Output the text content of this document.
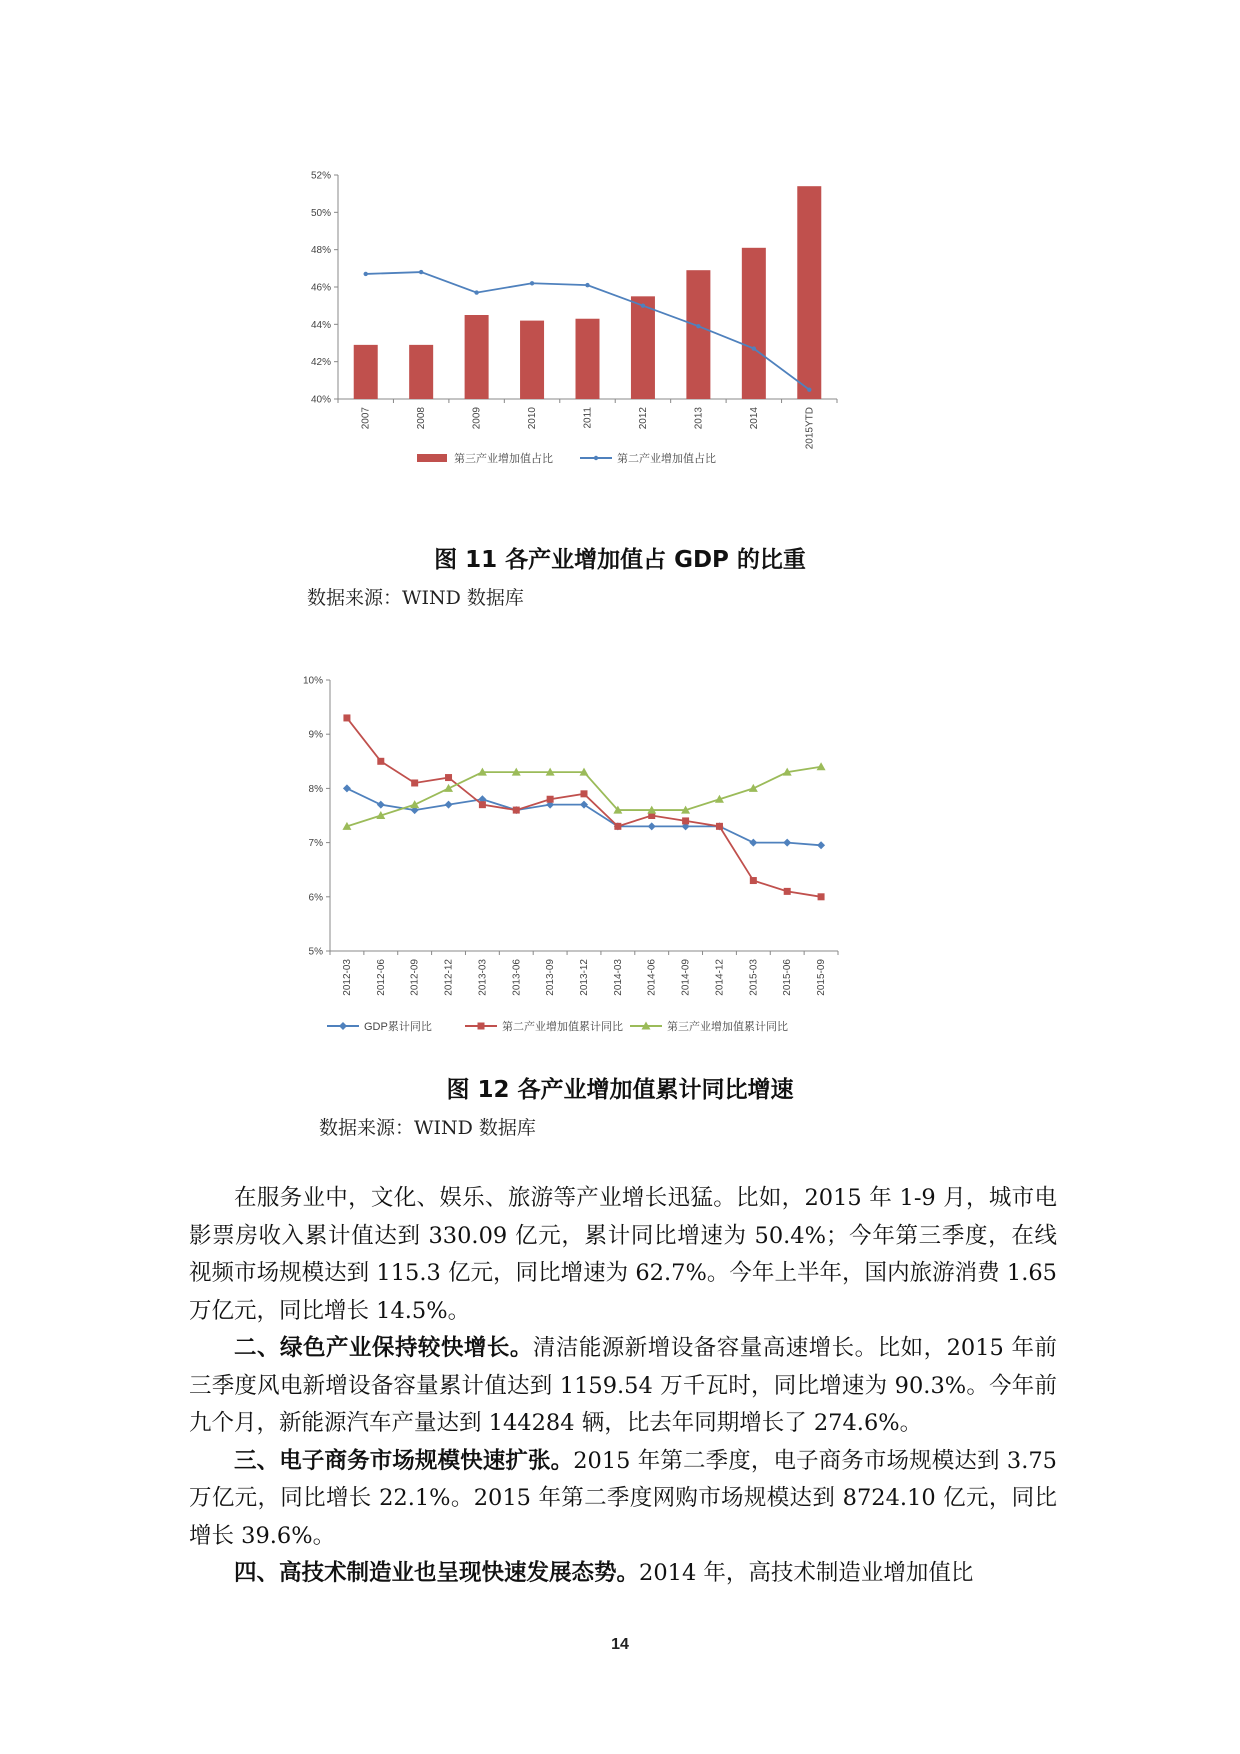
40%
42%
44%
46%
48%
50%
52%
2007	2008	2009	2010	2011	2012	2013	2014	2015YTD
第三产业增加值占比	第二产业增加值占比
图 11 各产业增加值占 GDP 的比重
数据来源：WIND 数据库
5%
6%
7%
8%
9%
10%
2012-03 2012-06 2012-09 2012-12 2013-03 2013-06 2013-09 2013-12 2014-03 2014-06 2014-09 2014-12 2015-03 2015-06 2015-09
GDP累计同比	第二产业增加值累计同比	第三产业增加值累计同比
图 12 各产业增加值累计同比增速
数据来源：WIND 数据库

在服务业中，文化、娱乐、旅游等产业增长迅猛。比如，2015 年 1-9 月，城市电影票房收入累计值达到 330.09 亿元，累计同比增速为 50.4%；今年第三季度，在线视频市场规模达到 115.3 亿元，同比增速为 62.7%。今年上半年，国内旅游消费 1.65 万亿元，同比增长 14.5%。

二、绿色产业保持较快增长。清洁能源新增设备容量高速增长。比如，2015 年前三季度风电新增设备容量累计值达到 1159.54 万千瓦时，同比增速为 90.3%。今年前九个月，新能源汽车产量达到 144284 辆，比去年同期增长了 274.6%。

三、电子商务市场规模快速扩张。2015 年第二季度，电子商务市场规模达到 3.75 万亿元，同比增长 22.1%。2015 年第二季度网购市场规模达到 8724.10 亿元，同比增长 39.6%。

四、高技术制造业也呈现快速发展态势。2014 年，高技术制造业增加值比

14
